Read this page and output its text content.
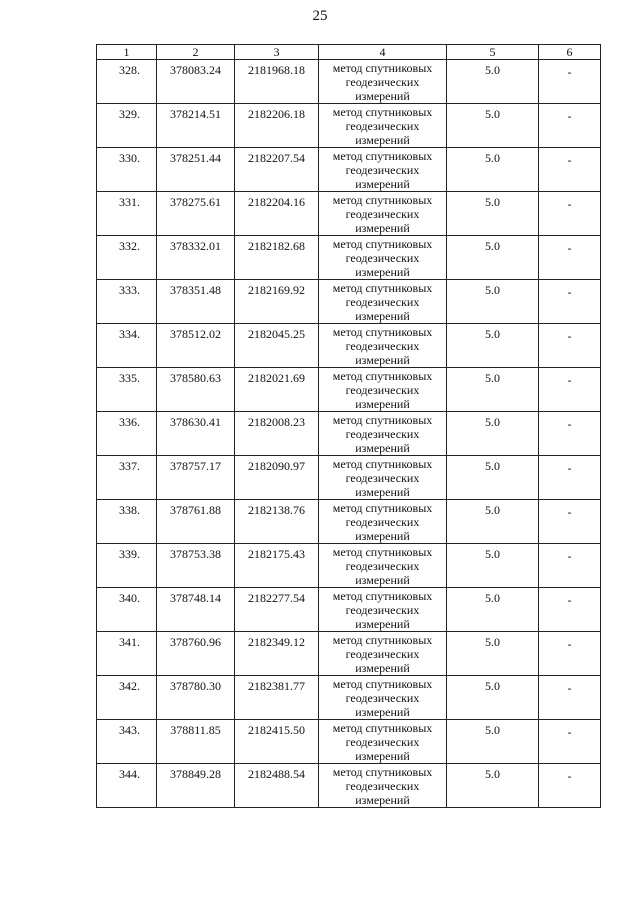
25
1	2	3	4	5	6
328.	378083.24	2181968.18	метод спутниковых
геодезических
измерений	5.0	-
329.	378214.51	2182206.18	метод спутниковых
геодезических
измерений	5.0	-
330.	378251.44	2182207.54	метод спутниковых
геодезических
измерений	5.0	-
331.	378275.61	2182204.16	метод спутниковых
геодезических
измерений	5.0	-
332.	378332.01	2182182.68	метод спутниковых
геодезических
измерений	5.0	-
333.	378351.48	2182169.92	метод спутниковых
геодезических
измерений	5.0	-
334.	378512.02	2182045.25	метод спутниковых
геодезических
измерений	5.0	-
335.	378580.63	2182021.69	метод спутниковых
геодезических
измерений	5.0	-
336.	378630.41	2182008.23	метод спутниковых
геодезических
измерений	5.0	-
337.	378757.17	2182090.97	метод спутниковых
геодезических
измерений	5.0	-
338.	378761.88	2182138.76	метод спутниковых
геодезических
измерений	5.0	-
339.	378753.38	2182175.43	метод спутниковых
геодезических
измерений	5.0	-
340.	378748.14	2182277.54	метод спутниковых
геодезических
измерений	5.0	-
341.	378760.96	2182349.12	метод спутниковых
геодезических
измерений	5.0	-
342.	378780.30	2182381.77	метод спутниковых
геодезических
измерений	5.0	-
343.	378811.85	2182415.50	метод спутниковых
геодезических
измерений	5.0	-
344.	378849.28	2182488.54	метод спутниковых
геодезических
измерений	5.0	-
